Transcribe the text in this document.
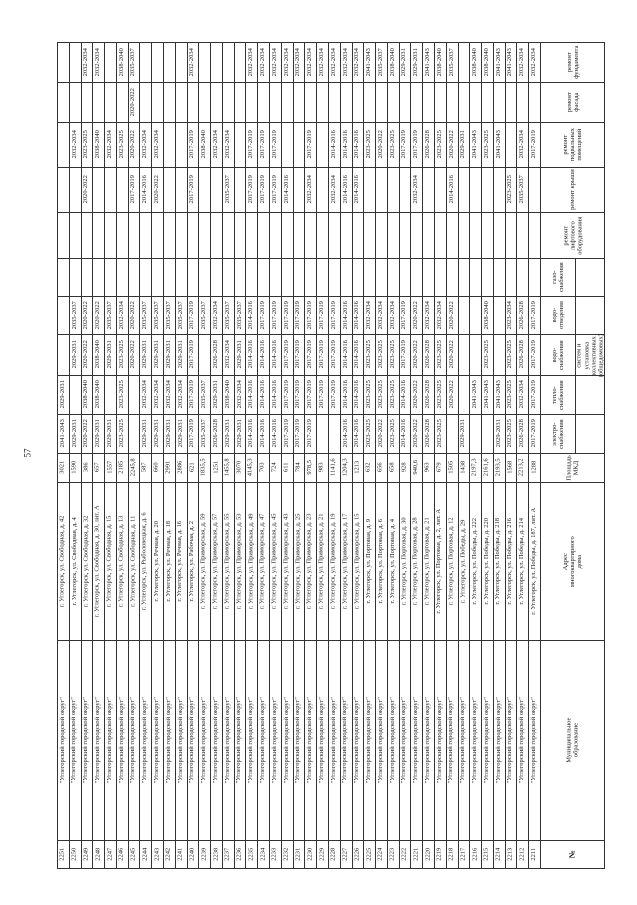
57
ремонт фундамента
ремонт фасада
ремонт подвальных помещений
ремонт крыши
ремонт лифтового оборудования
газо-снабжения
водо-отведения
водо-снабжения
тепло-снабжения
электро-снабжения
Площадь МКД
Адрес многоквартирного дома
Муниципальное образование
№
систем и установка коллективных (общедомовых)
2032-2034
2017-2019
2017-2019
2017-2019
2017-2019
2017-2019
1288
г. Углегорск, ул. Победы, д. 187, лит. А
"Углегорский городской округ"
2211
2032-2034
2032-2034
2035-2037
2026-2028
2026-2028
2032-2034
2026-2028
2213,2
г. Углегорск, ул. Победы, д. 214
"Углегорский городской округ"
2212
2041-2043
2023-2025
2023-2034
2023-2025
2023-2025
2023-2025
1568
г. Углегорск, ул. Победы, д. 216
"Углегорский городской округ"
2213
2041-2043
2041-2043
2041-2043
2029-2031
2193,5
г. Углегорск, ул. Победы, д. 218
"Углегорский городской округ"
2214
2038-2040
2023-2025
2038-2040
2023-2025
2041-2043
2161,6
г. Углегорск, ул. Победы, д. 220
"Углегорский городской округ"
2215
2038-2040
2041-2043
2041-2043
2197,3
г. Углегорск, ул. Победы, д. 222
"Углегорский городской округ"
2216
2029-2031
2029-2031
1438
г. Углегорск, ул. Победы, д. 29
"Углегорский городской округ"
2217
2035-2037
2020-2022
2014-2016
2020-2022
2020-2022
2020-2022
1505
г. Углегорск, ул. Портовая, д. 12
"Углегорский городской округ"
2218
2038-2040
2023-2025
2032-2034
2023-2025
2023-2025
2023-2025
679
г. Углегорск, ул. Портовая, д. 2, лит. А
"Углегорский городской округ"
2219
2041-2043
2026-2028
2032-2034
2026-2028
2026-2028
2026-2028
963
г. Углегорск, ул. Портовая, д. 21
"Углегорский городской округ"
2220
2029-2031
2017-2019
2032-2034
2020-2022
2020-2022
2020-2022
2020-2022
940,6
г. Углегорск, ул. Портовая, д. 28
"Углегорский городской округ"
2221
2029-2031
2017-2019
2017-2019
2017-2019
2014-2016
2014-2016
928
г. Углегорск, ул. Портовая, д. 30
"Углегорский городской округ"
2222
2038-2040
2023-2025
2032-2034
2023-2025
2023-2025
2023-2025
658
г. Углегорск, ул. Портовая, д. 4
"Углегорский городской округ"
2223
2035-2037
2020-2022
2032-2034
2023-2025
2023-2025
2020-2022
656
г. Углегорск, ул. Портовая, д. 6
"Углегорский городской округ"
2224
2041-2043
2023-2025
2032-2034
2023-2025
2023-2025
2023-2025
632
г. Углегорск, ул. Портовая, д. 9
"Углегорский городской округ"
2225
2032-2034
2014-2016
2014-2016
2014-2016
2014-2016
2014-2016
2014-2016
1213
г. Углегорск, ул. Приморская, д. 15
"Углегорский городской округ"
2226
2032-2034
2014-2016
2014-2016
2014-2016
2014-2016
2014-2016
2014-2016
1204,3
г. Углегорск, ул. Приморская, д. 17
"Углегорский городской округ"
2227
2032-2034
2014-2016
2032-2034
2017-2019
2017-2019
2017-2019
1141,6
г. Углегорск, ул. Приморская, д. 19
"Углегорский городской округ"
2228
2032-2034
2017-2019
2017-2019
2017-2019
983
г. Углегорск, ул. Приморская, д. 21
"Углегорский городской округ"
2229
2032-2034
2017-2019
2032-2034
2017-2019
2017-2019
2017-2019
2017-2019
978,5
г. Углегорск, ул. Приморская, д. 23
"Углегорский городской округ"
2230
2032-2034
2017-2019
2017-2019
2017-2019
2017-2019
784
г. Углегорск, ул. Приморская, д. 25
"Углегорский городской округ"
2231
2032-2034
2014-2016
2017-2019
2017-2019
2017-2019
2017-2019
611
г. Углегорск, ул. Приморская, д. 43
"Углегорский городской округ"
2232
2032-2034
2017-2019
2017-2019
2017-2019
2014-2016
2014-2016
2014-2016
724
г. Углегорск, ул. Приморская, д. 45
"Углегорский городской округ"
2233
2032-2034
2017-2019
2017-2019
2017-2019
2014-2016
2014-2016
2014-2016
703
г. Углегорск, ул. Приморская, д. 47
"Углегорский городской округ"
2234
2032-2034
2017-2019
2017-2019
2014-2016
2014-2016
2014-2016
2014-2016
4145,3
г. Углегорск, ул. Приморская, д. 49
"Углегорский городской округ"
2235
2035-2037
2029-2031
2032-2034
2029-2031
3070
г. Углегорск, ул. Приморская, д. 53
"Углегорский городской округ"
2236
2032-2034
2035-2037
2035-2037
2032-2034
2038-2040
2029-2031
1455,8
г. Углегорск, ул. Приморская, д. 55
"Углегорский городской округ"
2237
2032-2034
2032-2034
2026-2028
2029-2031
2026-2028
1251
г. Углегорск, ул. Приморская, д. 57
"Углегорский городской округ"
2238
2038-2040
2035-2037
2035-2037
2035-2037
1835,5
г. Углегорск, ул. Приморская, д. 59
"Углегорский городской округ"
2239
2032-2034
2017-2019
2017-2019
2017-2019
2017-2019
2017-2019
2017-2019
621
г. Углегорск, ул. Рабочая, д. 2
"Углегорский городской округ"
2240
2035-2037
2029-2031
2032-2034
2029-2031
2886
г. Углегорск, ул. Речная, д. 16
"Углегорский городской округ"
2241
2035-2037
2029-2031
2032-2034
2029-2031
2991
г. Углегорск, ул. Речная, д. 18
"Углегорский городской округ"
2242
2032-2034
2020-2022
2035-2037
2029-2031
2032-2034
2029-2031
660
г. Углегорск, ул. Речная, д. 20
"Углегорский городской округ"
2243
2032-2034
2014-2016
2035-2037
2029-2031
2032-2034
2029-2031
587
г. Углегорск, ул. Рыболовецкая, д. 6
"Углегорский городской округ"
2244
2035-2037
2020-2022
2020-2022
2017-2019
2020-2022
2020-2022
2245,8
г. Углегорск, ул. Свободная, д. 11
"Углегорский городской округ"
2245
2038-2040
2023-2025
2032-2034
2023-2025
2023-2025
2023-2025
2185
г. Углегорск, ул. Свободная, д. 13
"Углегорский городской округ"
2246
2032-2034
2035-2037
2029-2031
2029-2031
1557
г. Углегорск, ул. Свободная, д. 15
"Углегорский городской округ"
2247
2032-2034
2038-2040
2020-2022
2038-2040
2038-2040
2029-2031
657
г. Углегорск, ул. Свободная, д. 30, лит. А
"Углегорский городской округ"
2248
2032-2034
2023-2025
2020-2022
2020-2022
2020-2022
2038-2040
2020-2022
386
г. Углегорск, ул. Свободная, д. 32
"Углегорский городской округ"
2249
2032-2034
2035-2037
2029-2031
2029-2031
1590
г. Углегорск, ул. Свободная, д. 4
"Углегорский городской округ"
2250
2029-2031
2041-2043
3021
г. Углегорск, ул. Свободная, д. 42
"Углегорский городской округ"
2251
